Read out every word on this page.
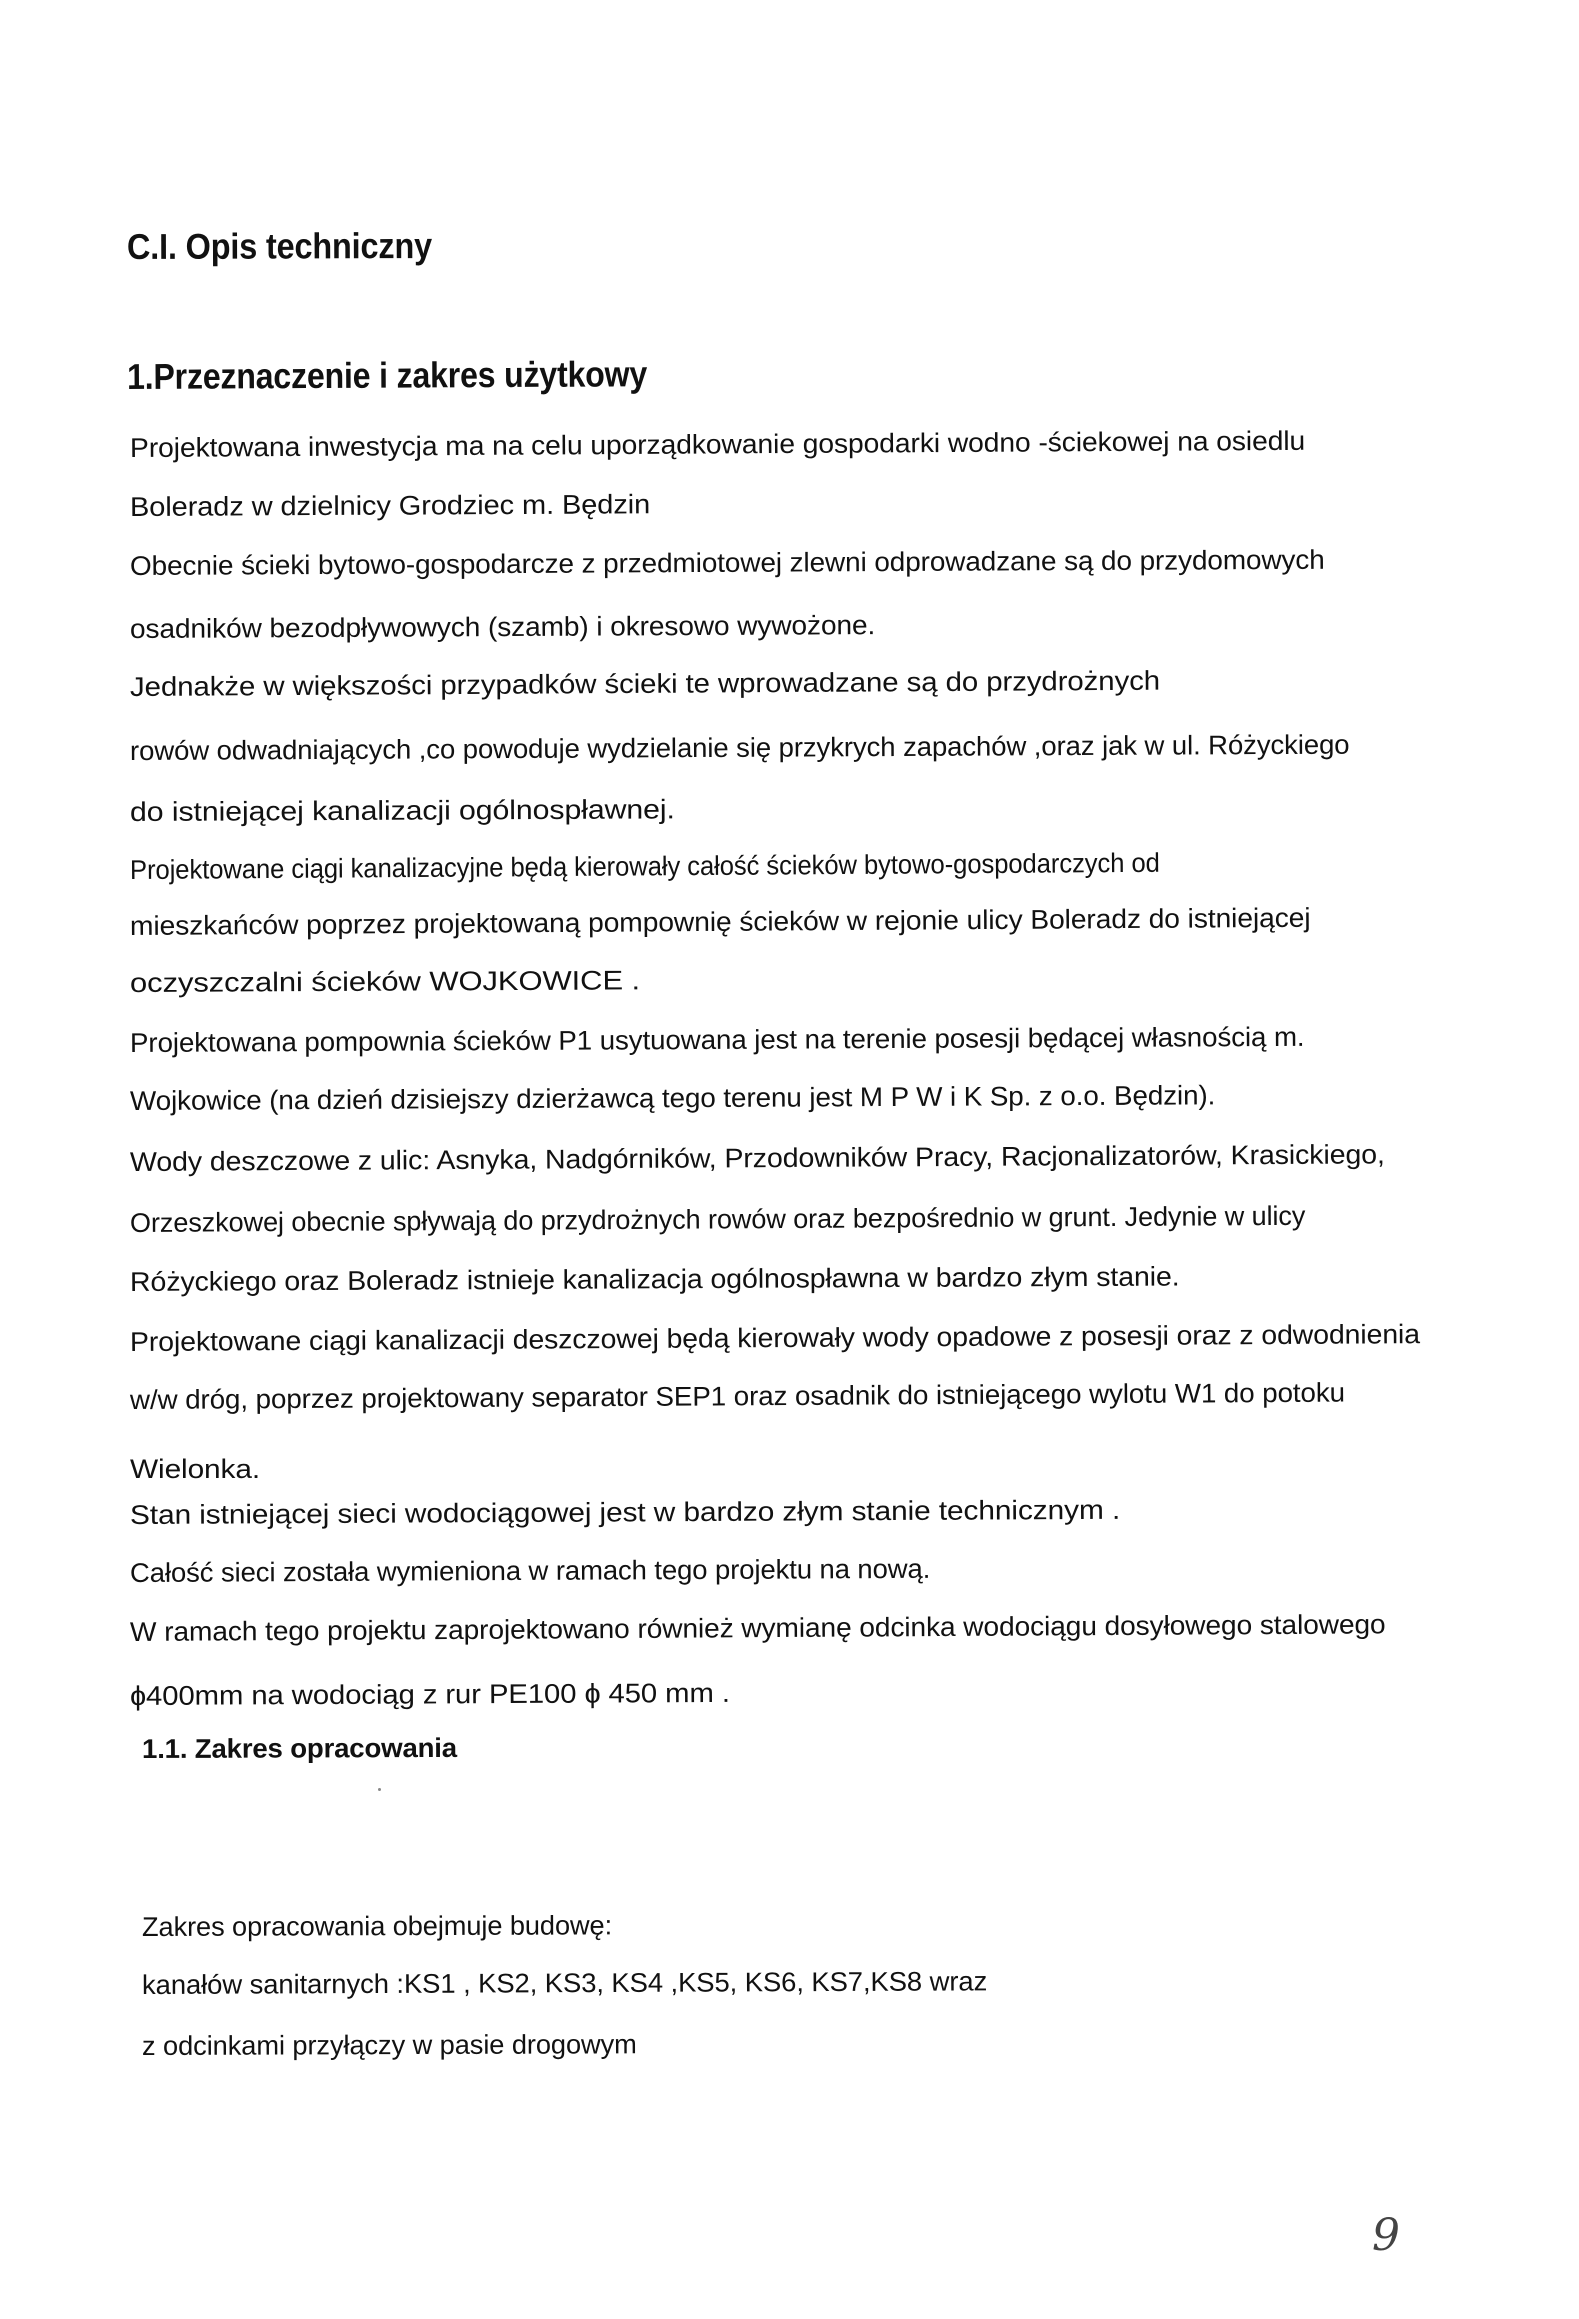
C.I. Opis techniczny
1.Przeznaczenie i zakres użytkowy
Projektowana inwestycja ma na celu uporządkowanie gospodarki wodno -ściekowej na osiedlu
Boleradz w dzielnicy Grodziec m. Będzin
Obecnie ścieki bytowo-gospodarcze z przedmiotowej zlewni odprowadzane są do przydomowych
osadników bezodpływowych (szamb) i okresowo wywożone.
Jednakże w większości przypadków ścieki te wprowadzane są do przydrożnych
rowów odwadniających ,co powoduje wydzielanie się przykrych zapachów ,oraz jak w ul. Różyckiego
do istniejącej kanalizacji ogólnospławnej.
Projektowane ciągi kanalizacyjne będą kierowały całość ścieków bytowo-gospodarczych od
mieszkańców poprzez projektowaną pompownię ścieków w rejonie ulicy Boleradz do istniejącej
oczyszczalni ścieków WOJKOWICE .
Projektowana pompownia ścieków P1 usytuowana jest na terenie posesji będącej własnością m.
Wojkowice (na dzień dzisiejszy dzierżawcą tego terenu jest M P W i K Sp. z o.o. Będzin).
Wody deszczowe z ulic: Asnyka, Nadgórników, Przodowników Pracy, Racjonalizatorów, Krasickiego,
Orzeszkowej obecnie spływają do przydrożnych rowów oraz bezpośrednio w grunt. Jedynie w ulicy
Różyckiego oraz Boleradz istnieje kanalizacja ogólnospławna w bardzo złym stanie.
Projektowane ciągi kanalizacji deszczowej będą kierowały wody opadowe z posesji oraz z odwodnienia
w/w dróg, poprzez projektowany separator SEP1 oraz osadnik do istniejącego wylotu W1 do potoku
Wielonka.
Stan istniejącej sieci wodociągowej jest w bardzo złym stanie technicznym .
Całość sieci została wymieniona w ramach tego projektu na nową.
W ramach tego projektu zaprojektowano również wymianę odcinka wodociągu dosyłowego stalowego
ɸ400mm na wodociąg z rur PE100 ɸ 450 mm .
1.1. Zakres opracowania
Zakres opracowania obejmuje budowę:
kanałów sanitarnych :KS1 , KS2, KS3, KS4 ,KS5, KS6, KS7,KS8 wraz
z odcinkami przyłączy w pasie drogowym
9
